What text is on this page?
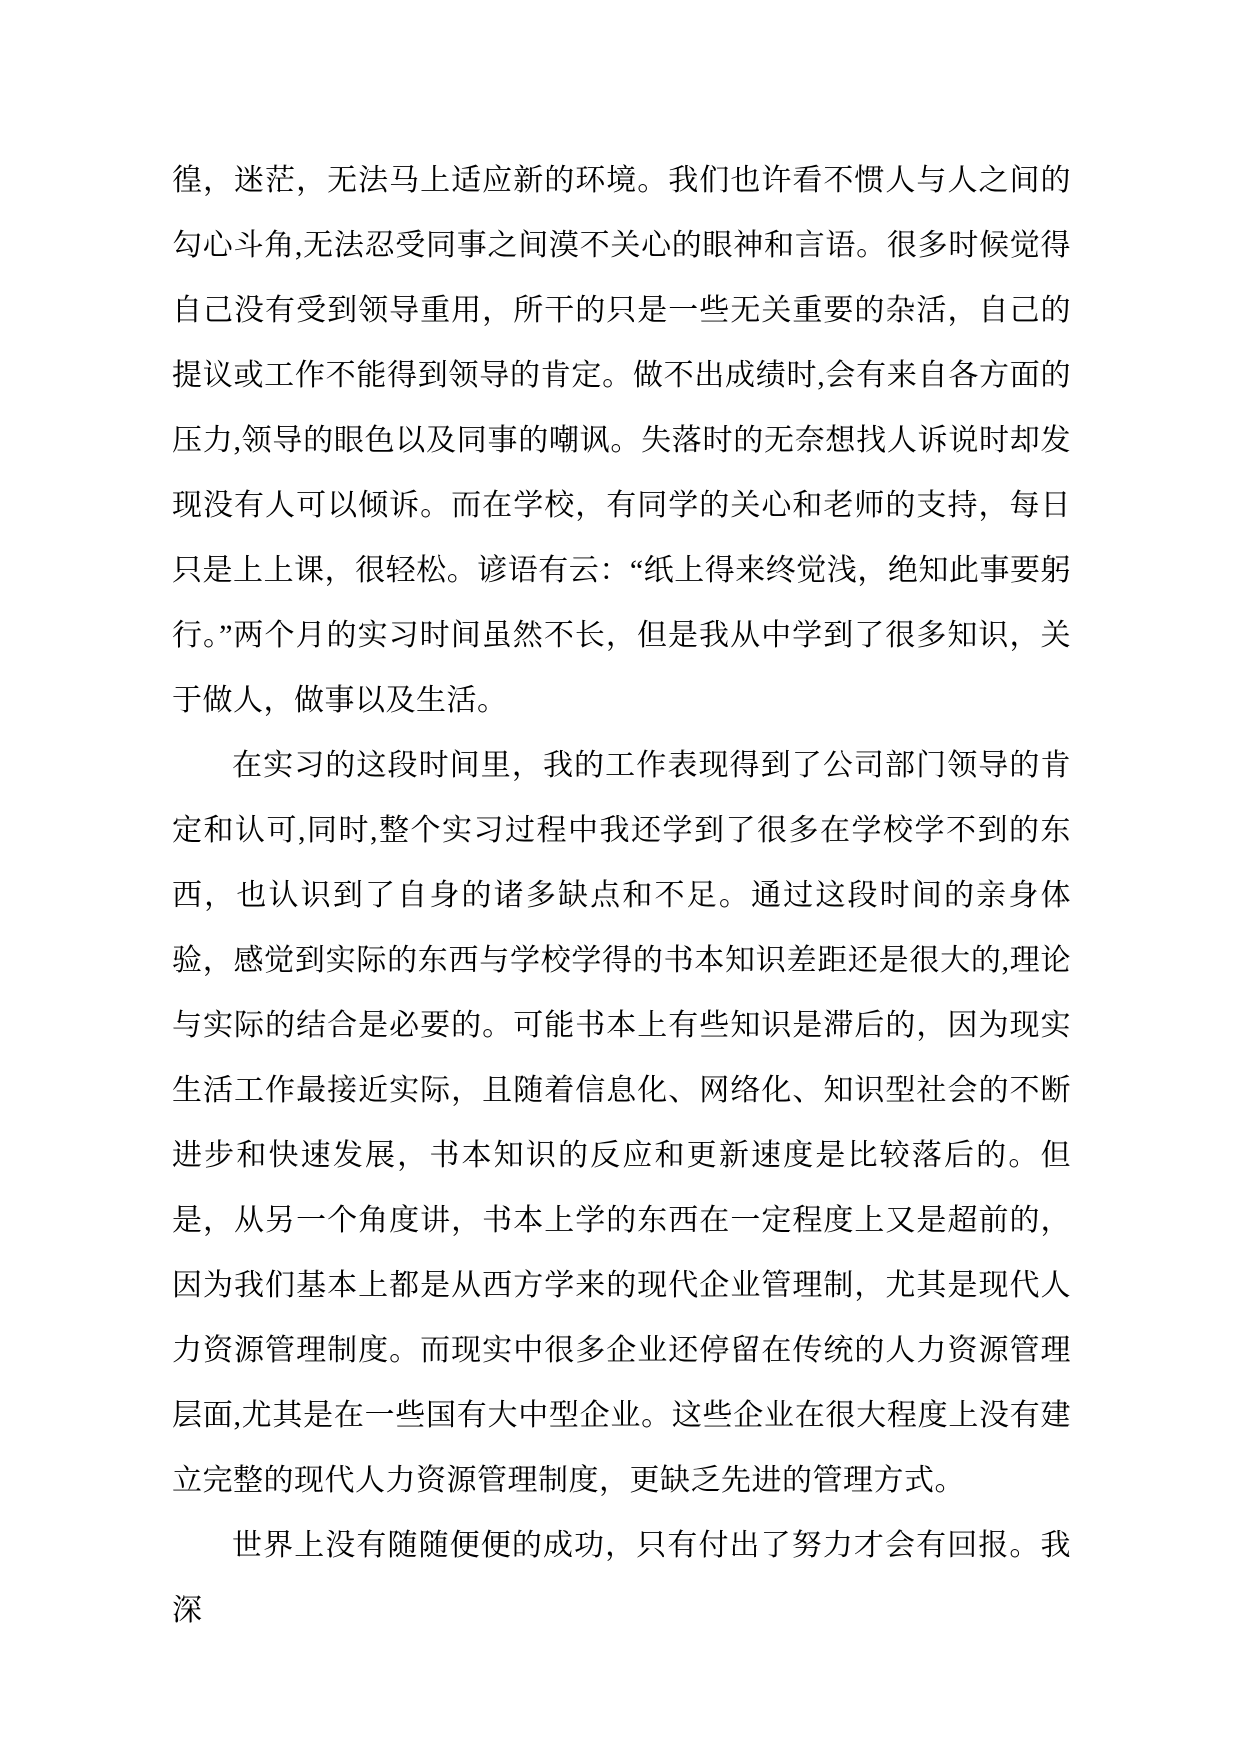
徨，迷茫，无法马上适应新的环境。我们也许看不惯人与人之间的勾心斗角,无法忍受同事之间漠不关心的眼神和言语。很多时候觉得自己没有受到领导重用，所干的只是一些无关重要的杂活，自己的提议或工作不能得到领导的肯定。做不出成绩时,会有来自各方面的压力,领导的眼色以及同事的嘲讽。失落时的无奈想找人诉说时却发现没有人可以倾诉。而在学校，有同学的关心和老师的支持，每日只是上上课，很轻松。谚语有云：“纸上得来终觉浅，绝知此事要躬行。”两个月的实习时间虽然不长，但是我从中学到了很多知识，关于做人，做事以及生活。

在实习的这段时间里，我的工作表现得到了公司部门领导的肯定和认可,同时,整个实习过程中我还学到了很多在学校学不到的东西，也认识到了自身的诸多缺点和不足。通过这段时间的亲身体验，感觉到实际的东西与学校学得的书本知识差距还是很大的,理论与实际的结合是必要的。可能书本上有些知识是滞后的，因为现实生活工作最接近实际，且随着信息化、网络化、知识型社会的不断进步和快速发展，书本知识的反应和更新速度是比较落后的。但是，从另一个角度讲，书本上学的东西在一定程度上又是超前的，因为我们基本上都是从西方学来的现代企业管理制，尤其是现代人力资源管理制度。而现实中很多企业还停留在传统的人力资源管理层面,尤其是在一些国有大中型企业。这些企业在很大程度上没有建立完整的现代人力资源管理制度，更缺乏先进的管理方式。

世界上没有随随便便的成功，只有付出了努力才会有回报。我深
